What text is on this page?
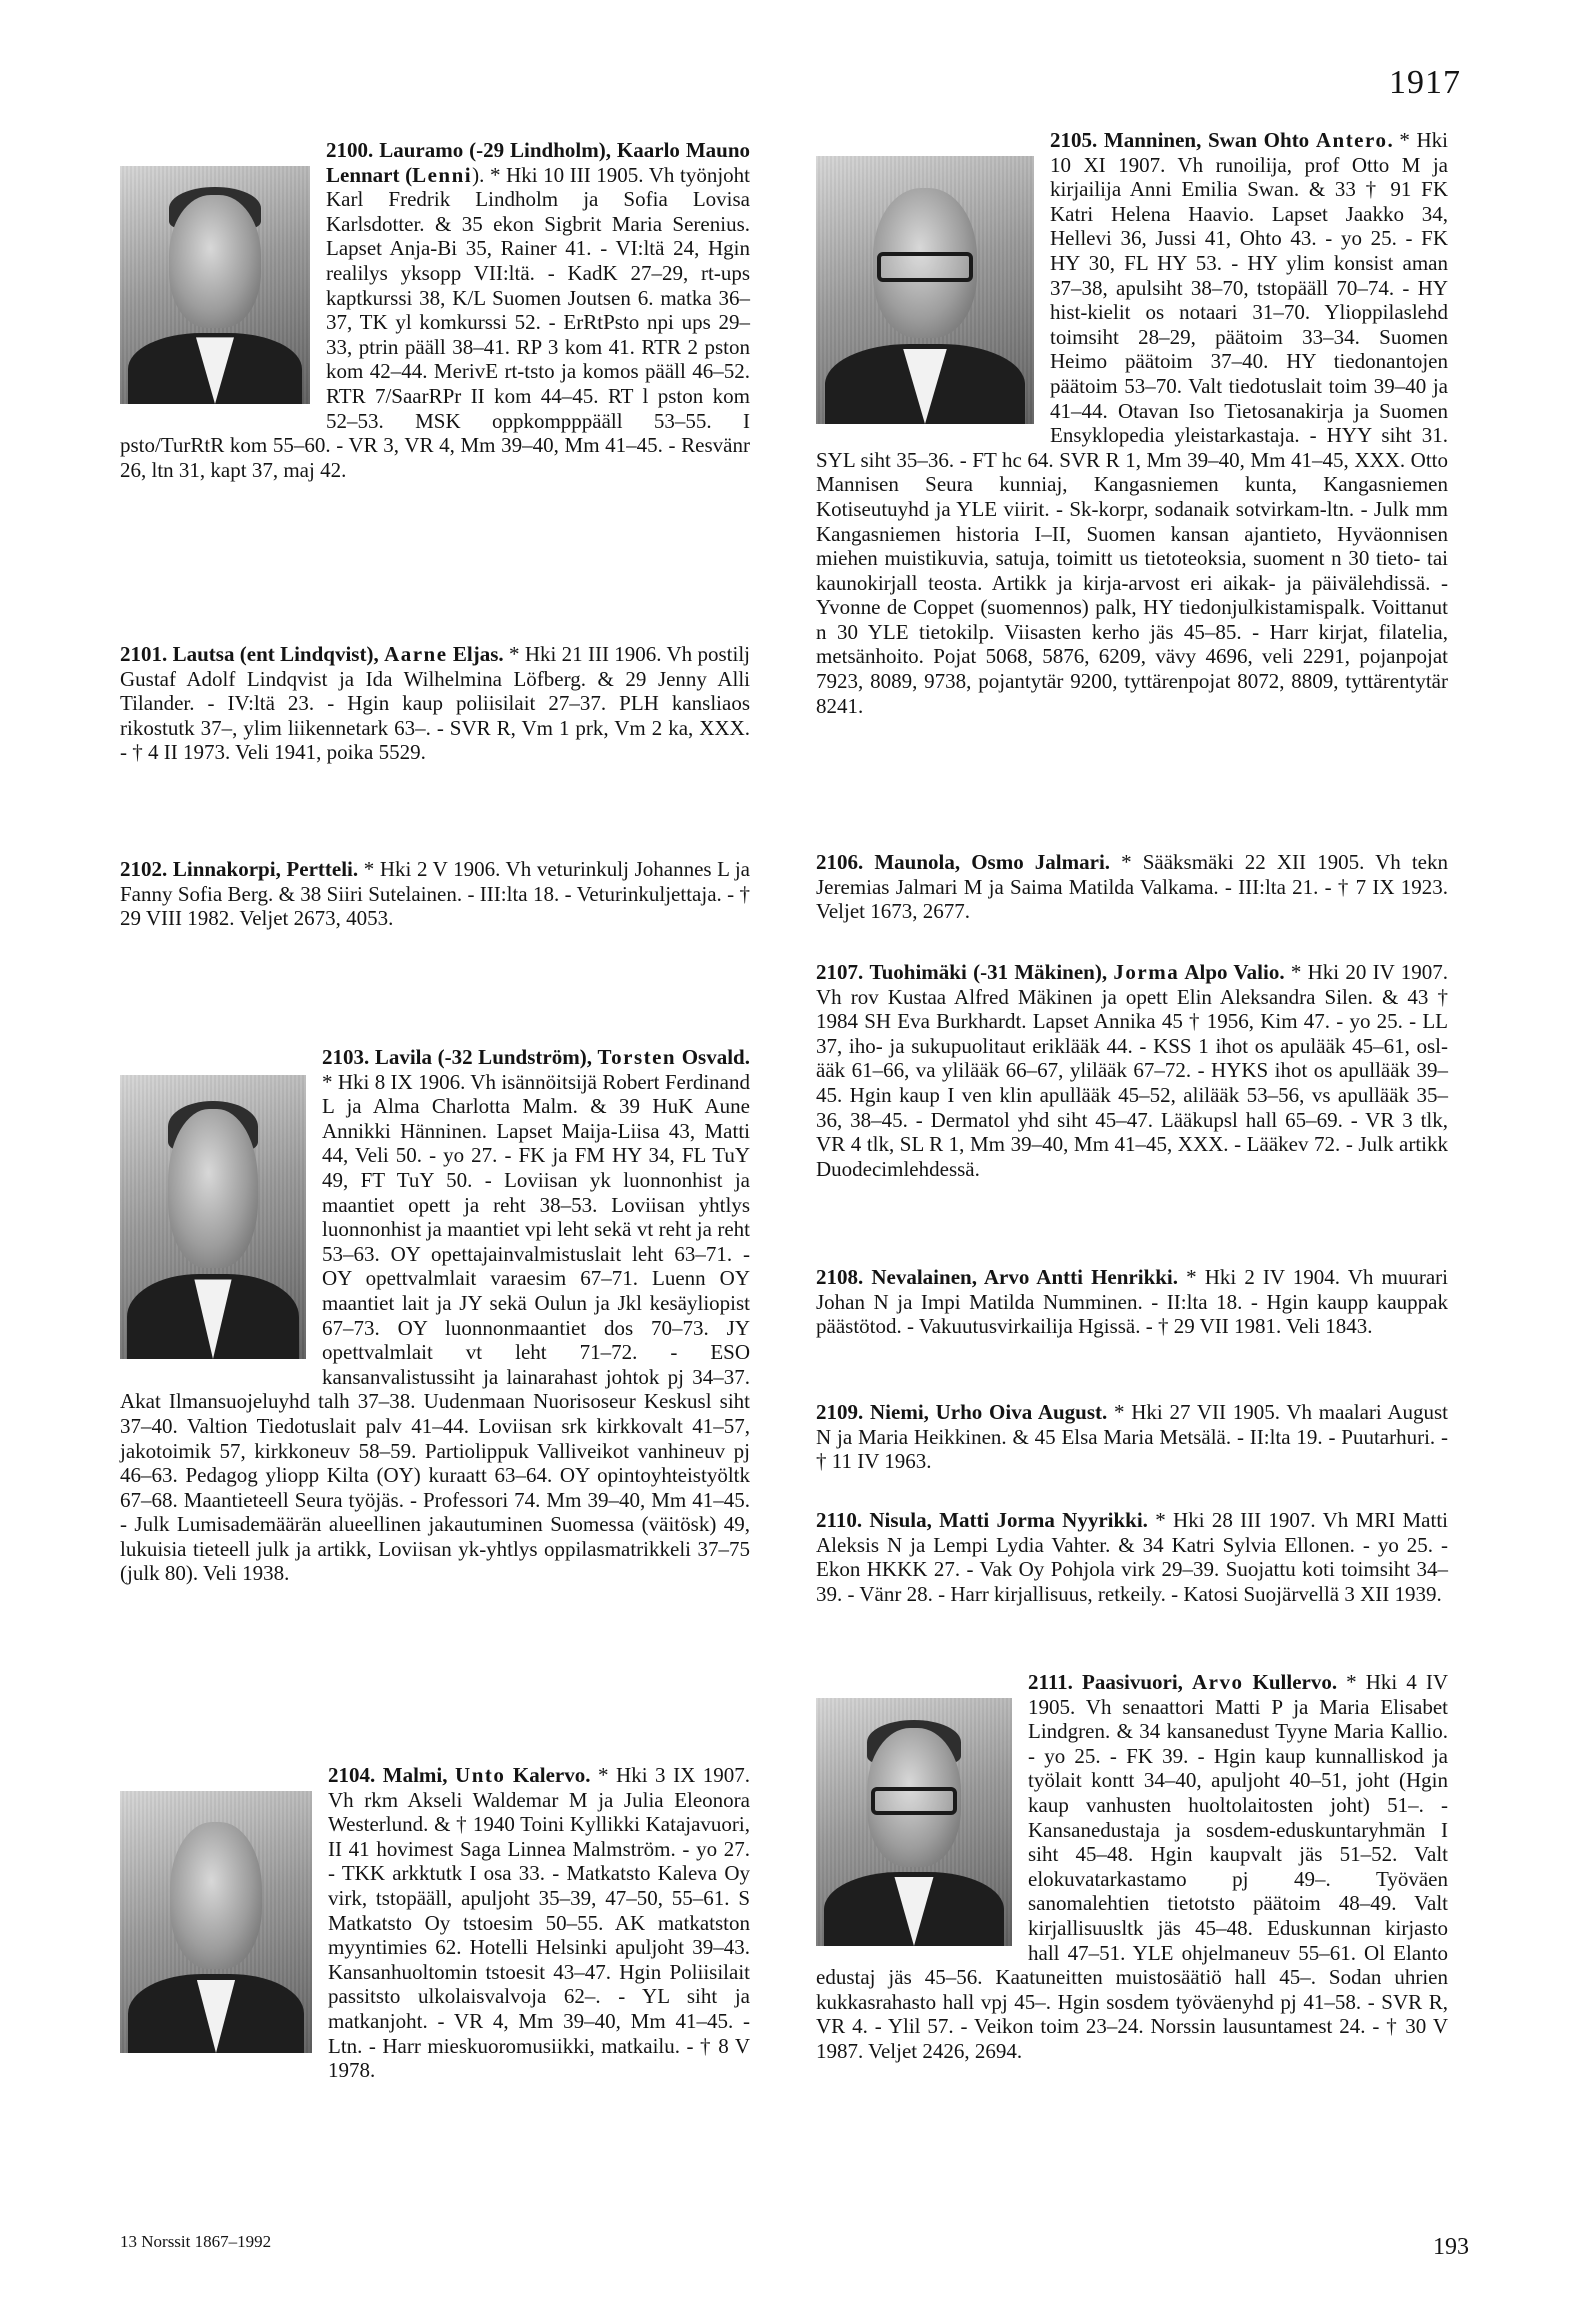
1917
2100. Lauramo (-29 Lindholm), Kaarlo Mauno Lennart (Lenni). * Hki 10 III 1905. Vh työnjoht Karl Fredrik Lindholm ja Sofia Lovisa Karlsdotter. & 35 ekon Sigbrit Maria Serenius. Lapset Anja-Bi 35, Rainer 41. - VI:ltä 24, Hgin realilys yksopp VII:ltä. - KadK 27–29, rt-ups kaptkurssi 38, K/L Suomen Joutsen 6. matka 36–37, TK yl komkurssi 52. - ErRtPsto npi ups 29–33, ptrin pääll 38–41. RP 3 kom 41. RTR 2 pston kom 42–44. MerivE rt-tsto ja komos pääll 46–52. RTR 7/SaarRPr II kom 44–45. RT l pston kom 52–53. MSK oppkompppääll 53–55. I psto/TurRtR kom 55–60. - VR 3, VR 4, Mm 39–40, Mm 41–45. - Resvänr 26, ltn 31, kapt 37, maj 42.
2101. Lautsa (ent Lindqvist), Aarne Eljas. * Hki 21 III 1906. Vh postilj Gustaf Adolf Lindqvist ja Ida Wilhelmina Löfberg. & 29 Jenny Alli Tilander. - IV:ltä 23. - Hgin kaup poliisilait 27–37. PLH kansliaos rikostutk 37–, ylim liikennetark 63–. - SVR R, Vm 1 prk, Vm 2 ka, XXX. - † 4 II 1973. Veli 1941, poika 5529.
2102. Linnakorpi, Pertteli. * Hki 2 V 1906. Vh veturinkulj Johannes L ja Fanny Sofia Berg. & 38 Siiri Sutelainen. - III:lta 18. - Veturinkuljettaja. - † 29 VIII 1982. Veljet 2673, 4053.
2103. Lavila (-32 Lundström), Torsten Osvald. * Hki 8 IX 1906. Vh isännöitsijä Robert Ferdinand L ja Alma Charlotta Malm. & 39 HuK Aune Annikki Hänninen. Lapset Maija-Liisa 43, Matti 44, Veli 50. - yo 27. - FK ja FM HY 34, FL TuY 49, FT TuY 50. - Loviisan yk luonnonhist ja maantiet opett ja reht 38–53. Loviisan yhtlys luonnonhist ja maantiet vpi leht sekä vt reht ja reht 53–63. OY opettajainvalmistuslait leht 63–71. - OY opettvalmlait varaesim 67–71. Luenn OY maantiet lait ja JY sekä Oulun ja Jkl kesäyliopist 67–73. OY luonnonmaantiet dos 70–73. JY opettvalmlait vt leht 71–72. - ESO kansanvalistussiht ja lainarahast johtok pj 34–37. Akat Ilmansuojeluyhd talh 37–38. Uudenmaan Nuorisoseur Keskusl siht 37–40. Valtion Tiedotuslait palv 41–44. Loviisan srk kirkkovalt 41–57, jakotoimik 57, kirkkoneuv 58–59. Partiolippuk Valliveikot vanhineuv pj 46–63. Pedagog yliopp Kilta (OY) kuraatt 63–64. OY opintoyhteistyöltk 67–68. Maantieteell Seura työjäs. - Professori 74. Mm 39–40, Mm 41–45. - Julk Lumisademäärän alueellinen jakautuminen Suomessa (väitösk) 49, lukuisia tieteell julk ja artikk, Loviisan yk-yhtlys oppilasmatrikkeli 37–75 (julk 80). Veli 1938.
2104. Malmi, Unto Kalervo. * Hki 3 IX 1907. Vh rkm Akseli Waldemar M ja Julia Eleonora Westerlund. & † 1940 Toini Kyllikki Katajavuori, II 41 hovimest Saga Linnea Malmström. - yo 27. - TKK arkktutk I osa 33. - Matkatsto Kaleva Oy virk, tstopääll, apuljoht 35–39, 47–50, 55–61. S Matkatsto Oy tstoesim 50–55. AK matkatston myyntimies 62. Hotelli Helsinki apuljoht 39–43. Kansanhuoltomin tstoesit 43–47. Hgin Poliisilait passitsto ulkolaisvalvoja 62–. - YL siht ja matkanjoht. - VR 4, Mm 39–40, Mm 41–45. - Ltn. - Harr mieskuoromusiikki, matkailu. - † 8 V 1978.
2105. Manninen, Swan Ohto Antero. * Hki 10 XI 1907. Vh runoilija, prof Otto M ja kirjailija Anni Emilia Swan. & 33 † 91 FK Katri Helena Haavio. Lapset Jaakko 34, Hellevi 36, Jussi 41, Ohto 43. - yo 25. - FK HY 30, FL HY 53. - HY ylim konsist aman 37–38, apulsiht 38–70, tstopääll 70–74. - HY hist-kielit os notaari 31–70. Ylioppilaslehd toimsiht 28–29, päätoim 33–34. Suomen Heimo päätoim 37–40. HY tiedonantojen päätoim 53–70. Valt tiedotuslait toim 39–40 ja 41–44. Otavan Iso Tietosanakirja ja Suomen Ensyklopedia yleistarkastaja. - HYY siht 31. SYL siht 35–36. - FT hc 64. SVR R 1, Mm 39–40, Mm 41–45, XXX. Otto Mannisen Seura kunniaj, Kangasniemen kunta, Kangasniemen Kotiseutuyhd ja YLE viirit. - Sk-korpr, sodanaik sotvirkam-ltn. - Julk mm Kangasniemen historia I–II, Suomen kansan ajantieto, Hyväonnisen miehen muistikuvia, satuja, toimitt us tietoteoksia, suoment n 30 tieto- tai kaunokirjall teosta. Artikk ja kirja-arvost eri aikak- ja päivälehdissä. - Yvonne de Coppet (suomennos) palk, HY tiedonjulkistamispalk. Voittanut n 30 YLE tietokilp. Viisasten kerho jäs 45–85. - Harr kirjat, filatelia, metsänhoito. Pojat 5068, 5876, 6209, vävy 4696, veli 2291, pojanpojat 7923, 8089, 9738, pojantytär 9200, tyttärenpojat 8072, 8809, tyttärentytär 8241.
2106. Maunola, Osmo Jalmari. * Sääksmäki 22 XII 1905. Vh tekn Jeremias Jalmari M ja Saima Matilda Valkama. - III:lta 21. - † 7 IX 1923. Veljet 1673, 2677.
2107. Tuohimäki (-31 Mäkinen), Jorma Alpo Valio. * Hki 20 IV 1907. Vh rov Kustaa Alfred Mäkinen ja opett Elin Aleksandra Silen. & 43 † 1984 SH Eva Burkhardt. Lapset Annika 45 † 1956, Kim 47. - yo 25. - LL 37, iho- ja sukupuolitaut eriklääk 44. - KSS 1 ihot os apulääk 45–61, oslääk 61–66, va ylilääk 66–67, ylilääk 67–72. - HYKS ihot os apullääk 39–45. Hgin kaup I ven klin apullääk 45–52, alilääk 53–56, vs apullääk 35–36, 38–45. - Dermatol yhd siht 45–47. Lääkupsl hall 65–69. - VR 3 tlk, VR 4 tlk, SL R 1, Mm 39–40, Mm 41–45, XXX. - Lääkev 72. - Julk artikk Duodecimlehdessä.
2108. Nevalainen, Arvo Antti Henrikki. * Hki 2 IV 1904. Vh muurari Johan N ja Impi Matilda Numminen. - II:lta 18. - Hgin kaupp kauppak päästötod. - Vakuutusvirkailija Hgissä. - † 29 VII 1981. Veli 1843.
2109. Niemi, Urho Oiva August. * Hki 27 VII 1905. Vh maalari August N ja Maria Heikkinen. & 45 Elsa Maria Metsälä. - II:lta 19. - Puutarhuri. - † 11 IV 1963.
2110. Nisula, Matti Jorma Nyyrikki. * Hki 28 III 1907. Vh MRI Matti Aleksis N ja Lempi Lydia Vahter. & 34 Katri Sylvia Ellonen. - yo 25. - Ekon HKKK 27. - Vak Oy Pohjola virk 29–39. Suojattu koti toimsiht 34–39. - Vänr 28. - Harr kirjallisuus, retkeily. - Katosi Suojärvellä 3 XII 1939.
2111. Paasivuori, Arvo Kullervo. * Hki 4 IV 1905. Vh senaattori Matti P ja Maria Elisabet Lindgren. & 34 kansanedust Tyyne Maria Kallio. - yo 25. - FK 39. - Hgin kaup kunnalliskod ja työlait kontt 34–40, apuljoht 40–51, joht (Hgin kaup vanhusten huoltolaitosten joht) 51–. - Kansanedustaja ja sosdem-eduskuntaryhmän I siht 45–48. Hgin kaupvalt jäs 51–52. Valt elokuvatarkastamo pj 49–. Työväen sanomalehtien tietotsto päätoim 48–49. Valt kirjallisuusltk jäs 45–48. Eduskunnan kirjasto hall 47–51. YLE ohjelmaneuv 55–61. Ol Elanto edustaj jäs 45–56. Kaatuneitten muistosäätiö hall 45–. Sodan uhrien kukkasrahasto hall vpj 45–. Hgin sosdem työväenyhd pj 41–58. - SVR R, VR 4. - Ylil 57. - Veikon toim 23–24. Norssin lausuntamest 24. - † 30 V 1987. Veljet 2426, 2694.
13 Norssit 1867–1992	193
